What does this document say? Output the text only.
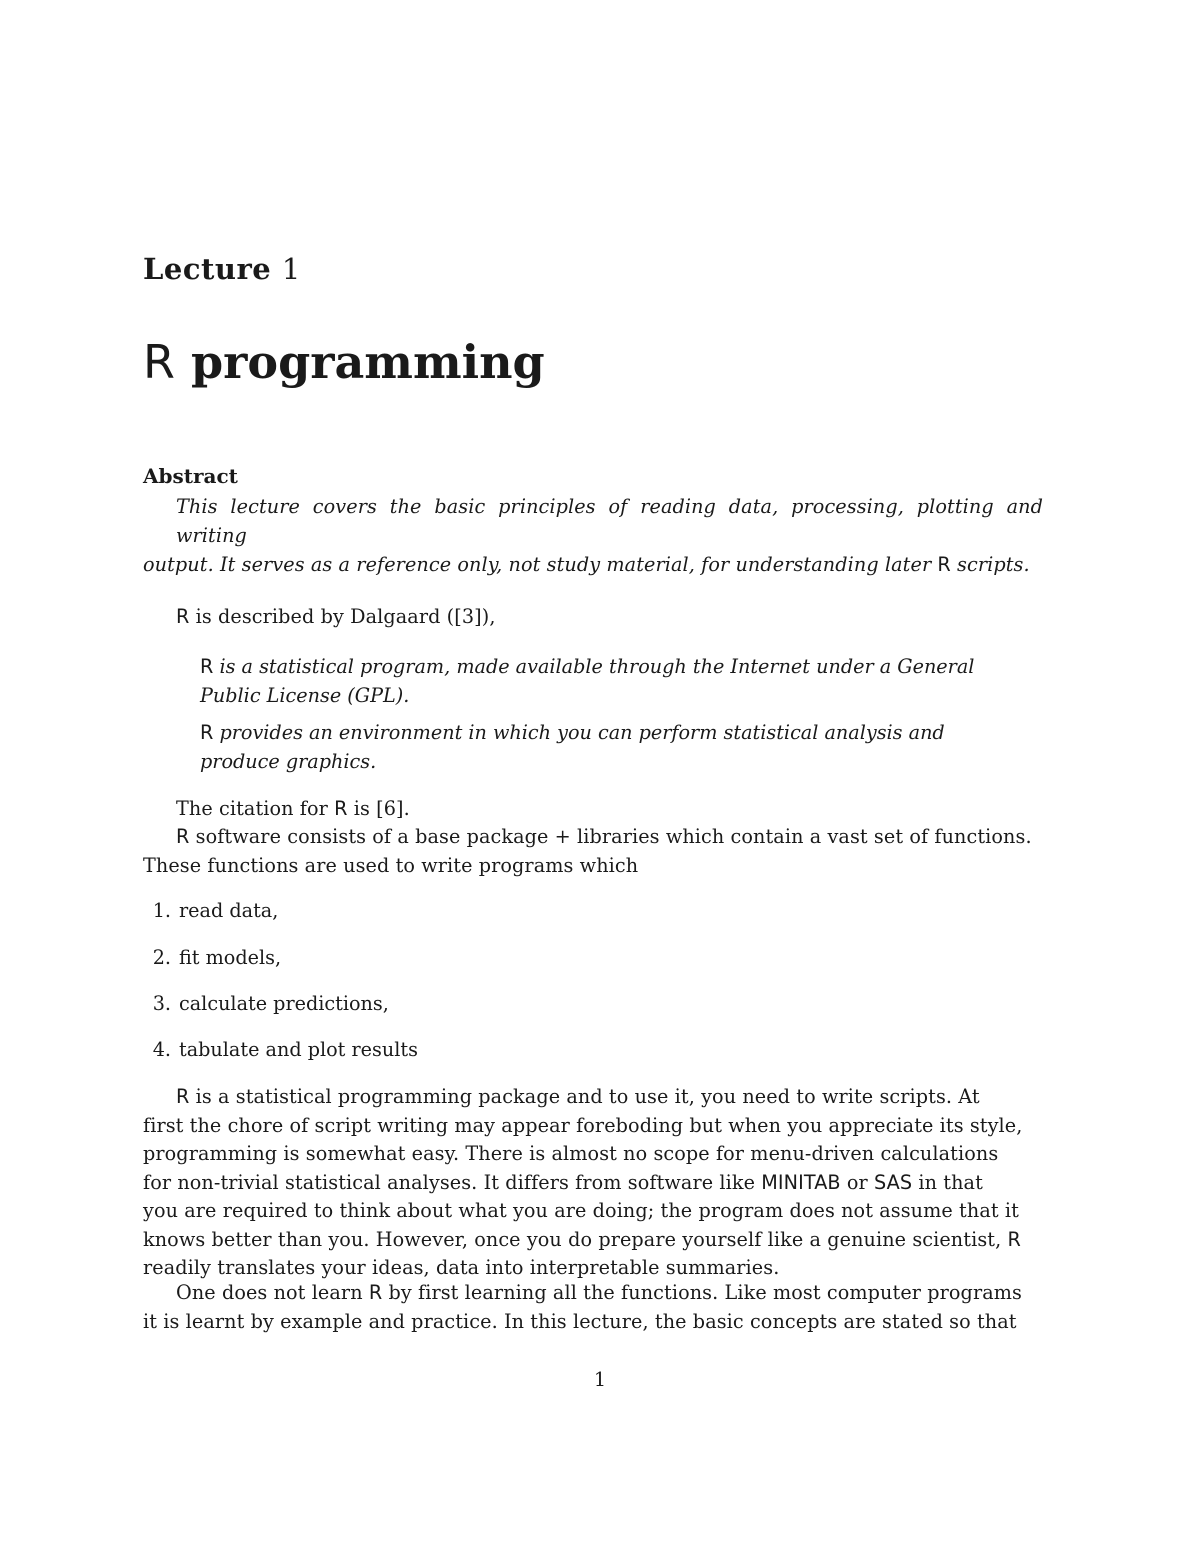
Lecture 1
R programming
Abstract
This lecture covers the basic principles of reading data, processing, plotting and writing
output. It serves as a reference only, not study material, for understanding later R scripts.
R is described by Dalgaard ([3]),
R is a statistical program, made available through the Internet under a General
Public License (GPL).
R provides an environment in which you can perform statistical analysis and
produce graphics.
The citation for R is [6].
R software consists of a base package + libraries which contain a vast set of functions.
These functions are used to write programs which
1. read data,
2. fit models,
3. calculate predictions,
4. tabulate and plot results
R is a statistical programming package and to use it, you need to write scripts. At
first the chore of script writing may appear foreboding but when you appreciate its style,
programming is somewhat easy. There is almost no scope for menu-driven calculations
for non-trivial statistical analyses. It differs from software like MINITAB or SAS in that
you are required to think about what you are doing; the program does not assume that it
knows better than you. However, once you do prepare yourself like a genuine scientist, R
readily translates your ideas, data into interpretable summaries.
One does not learn R by first learning all the functions. Like most computer programs
it is learnt by example and practice. In this lecture, the basic concepts are stated so that
1
